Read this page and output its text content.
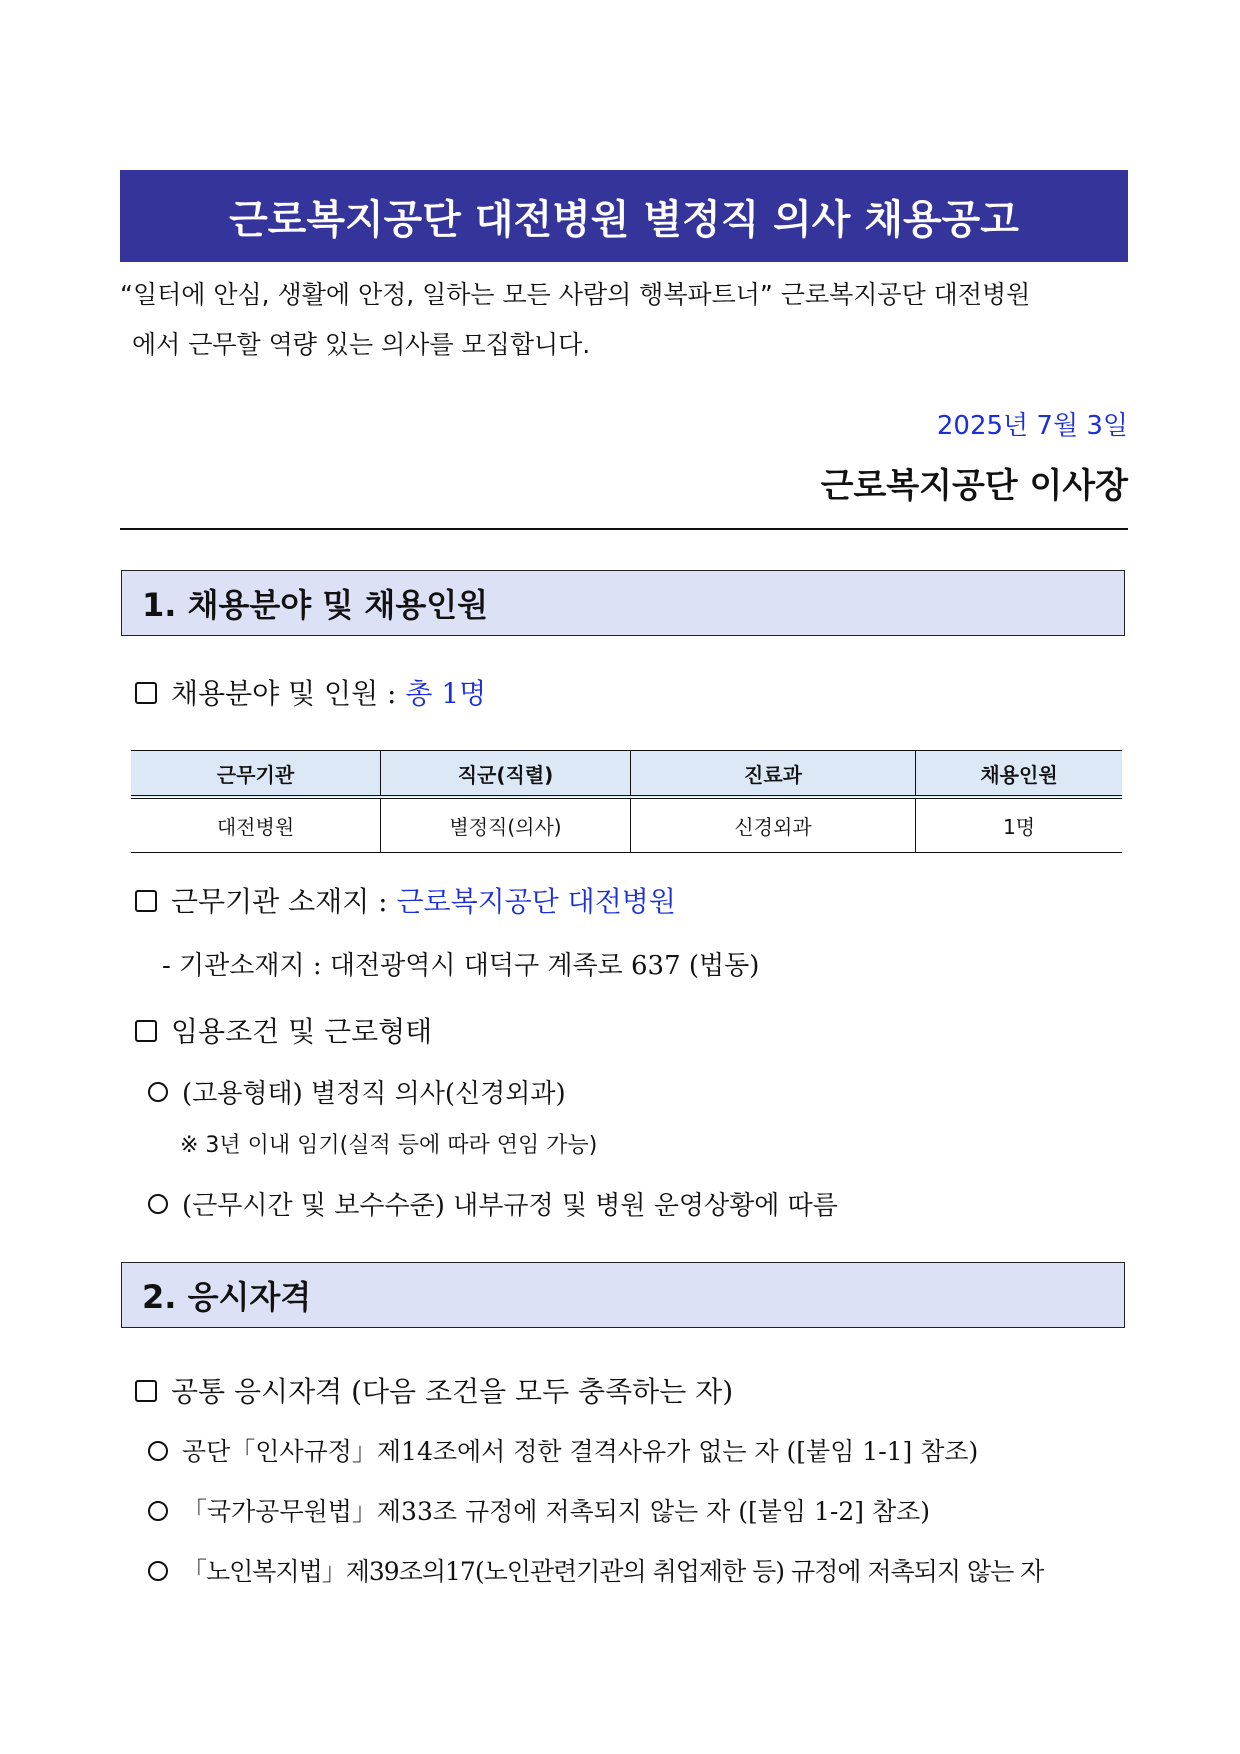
근로복지공단 대전병원 별정직 의사 채용공고

“일터에 안심, 생활에 안정, 일하는 모든 사람의 행복파트너” 근로복지공단 대전병원

에서 근무할 역량 있는 의사를 모집합니다.

2025년 7월 3일
근로복지공단 이사장
1. 채용분야 및 채용인원
채용분야 및 인원 : 총 1명
근무기관	직군(직렬)	진료과	채용인원
대전병원	별정직(의사)	신경외과	1명
근무기관 소재지 : 근로복지공단 대전병원
- 기관소재지 : 대전광역시 대덕구 계족로 637 (법동)
임용조건 및 근로형태
(고용형태) 별정직 의사(신경외과)
※ 3년 이내 임기(실적 등에 따라 연임 가능)
(근무시간 및 보수수준) 내부규정 및 병원 운영상황에 따름
2. 응시자격
공통 응시자격 (다음 조건을 모두 충족하는 자)
공단「인사규정」제14조에서 정한 결격사유가 없는 자 ([붙임 1-1] 참조)
「국가공무원법」제33조 규정에 저촉되지 않는 자 ([붙임 1-2] 참조)
「노인복지법」제39조의17(노인관련기관의 취업제한 등) 규정에 저촉되지 않는 자
